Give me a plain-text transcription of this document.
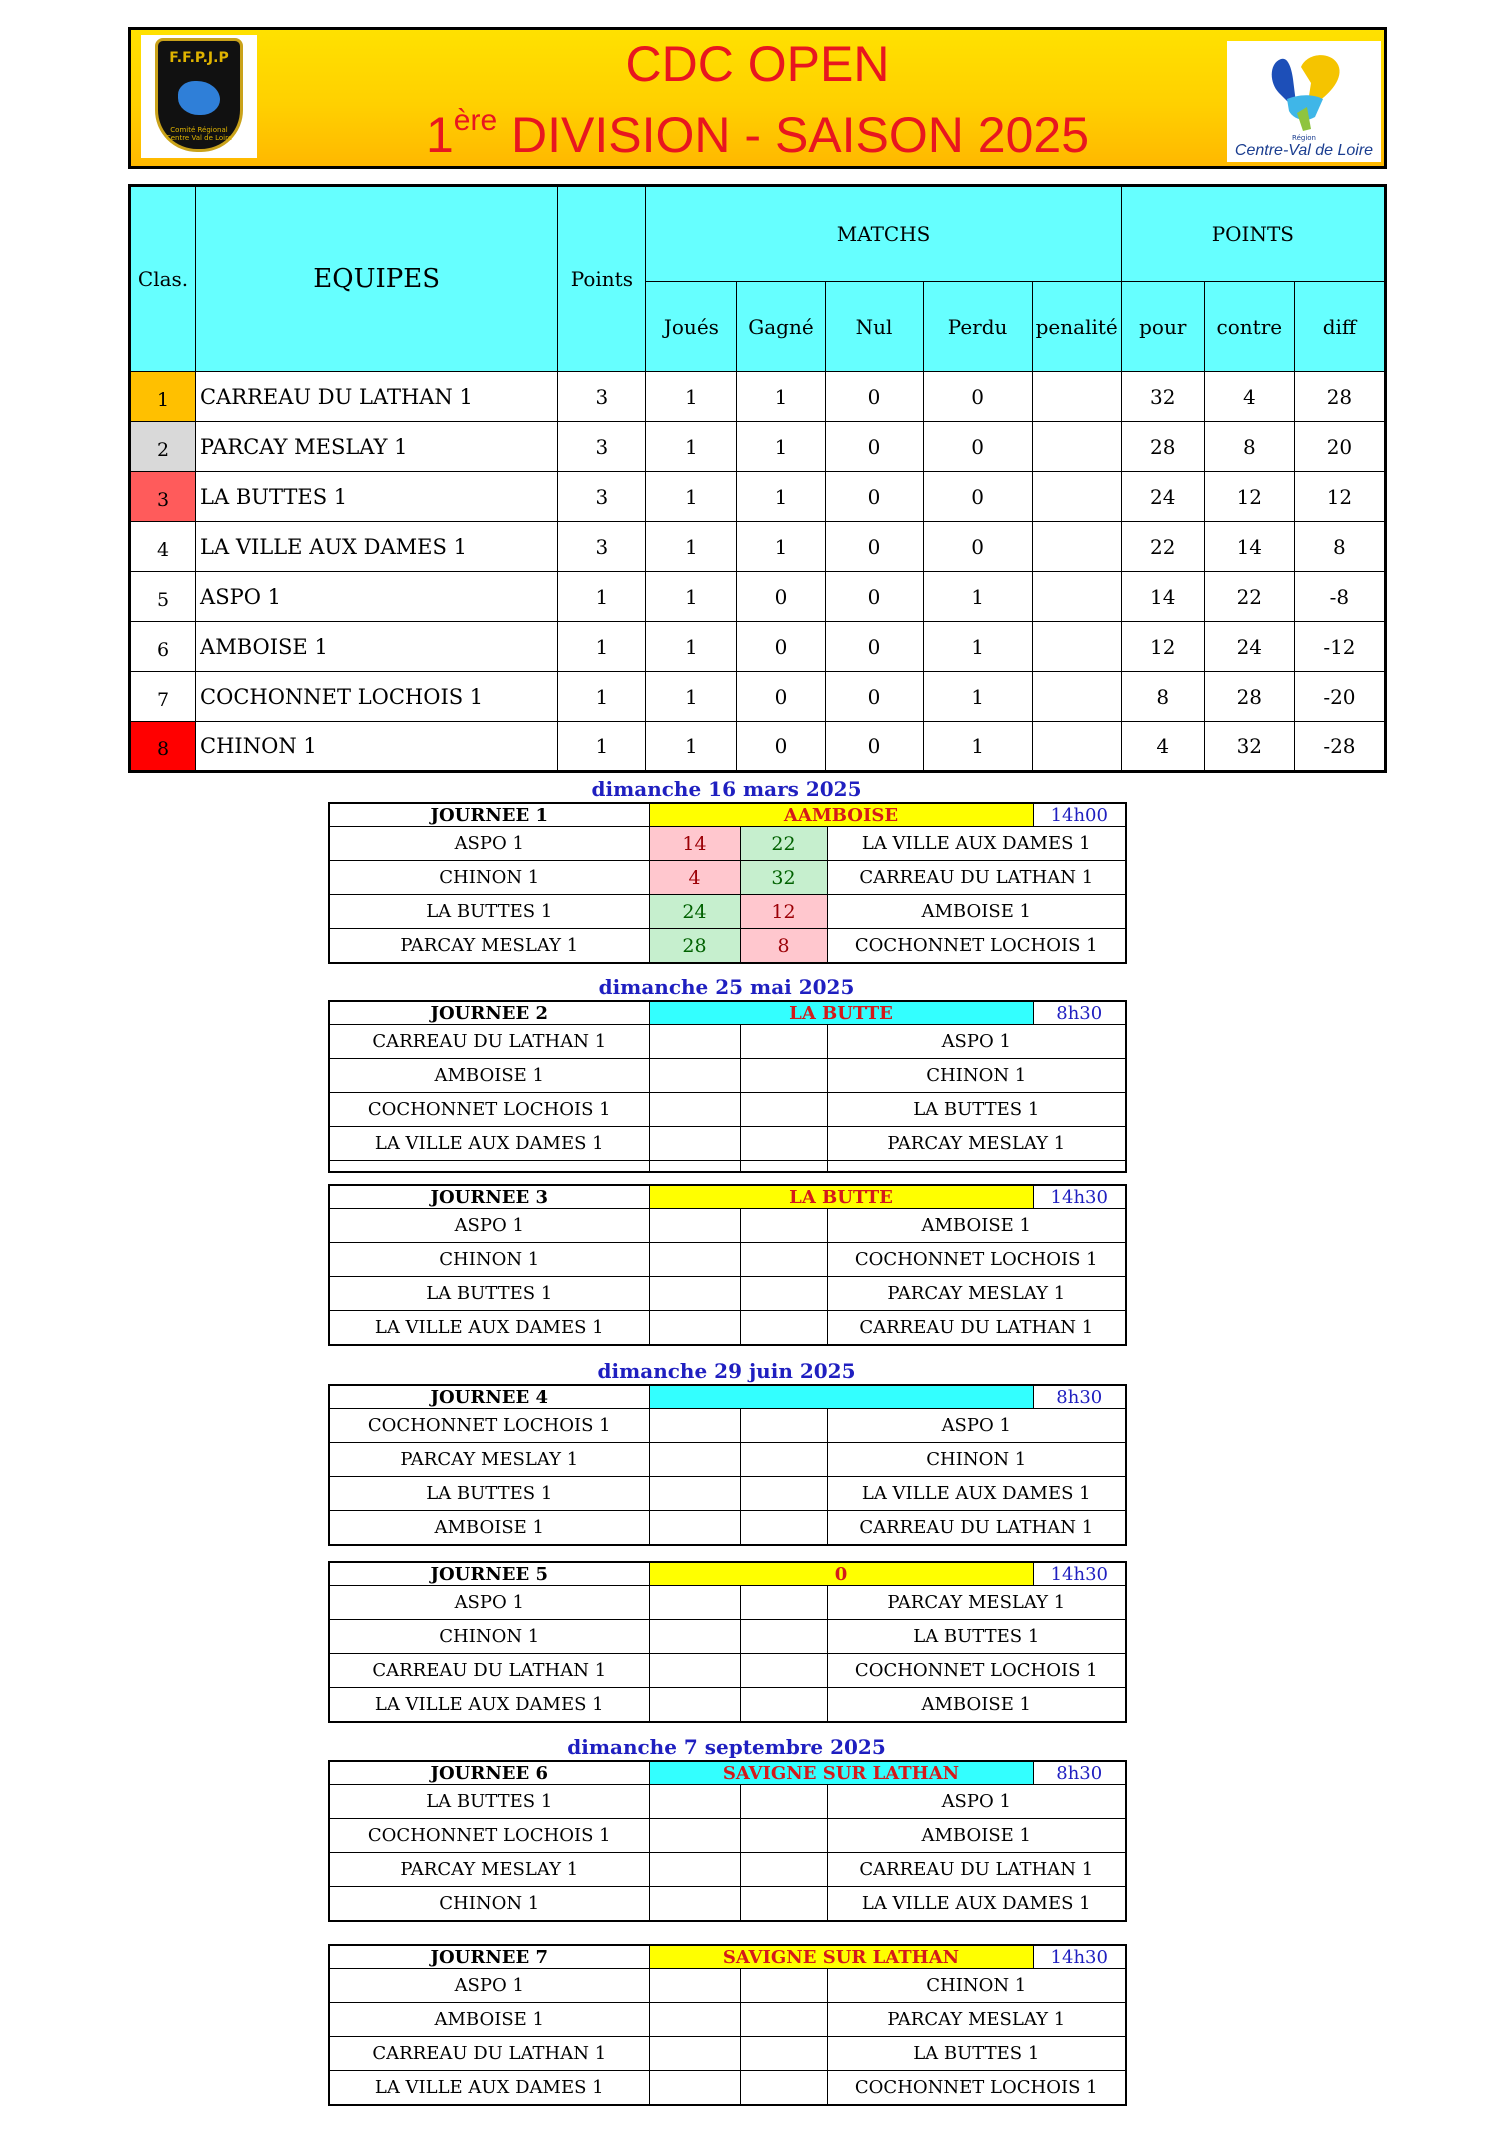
F.F.P.J.P
Comité Régional Centre Val de Loire
CDC OPEN
1ère DIVISION - SAISON 2025	Région
Centre-Val de Loire
Clas.	EQUIPES	Points	MATCHS					POINTS		
			Joués	Gagné	Nul	Perdu	penalité	pour	contre	diff
1	CARREAU DU LATHAN 1	3	1	1	0	0		32	4	28
2	PARCAY MESLAY 1	3	1	1	0	0		28	8	20
3	LA BUTTES 1	3	1	1	0	0		24	12	12
4	LA VILLE AUX DAMES 1	3	1	1	0	0		22	14	8
5	ASPO 1	1	1	0	0	1		14	22	-8
6	AMBOISE 1	1	1	0	0	1		12	24	-12
7	COCHONNET LOCHOIS 1	1	1	0	0	1		8	28	-20
8	CHINON 1	1	1	0	0	1		4	32	-28
dimanche 16 mars 2025
JOURNEE 1	AAMBOISE			14h00
ASPO 1	14	22	LA VILLE AUX DAMES 1	
CHINON 1	4	32	CARREAU DU LATHAN 1	
LA BUTTES 1	24	12	AMBOISE 1	
PARCAY MESLAY 1	28	8	COCHONNET LOCHOIS 1	
dimanche 25 mai 2025
JOURNEE 2	LA BUTTE			8h30
CARREAU DU LATHAN 1			ASPO 1	
AMBOISE 1			CHINON 1	
COCHONNET LOCHOIS 1			LA BUTTES 1	
LA VILLE AUX DAMES 1			PARCAY MESLAY 1	

JOURNEE 3	LA BUTTE			14h30
ASPO 1			AMBOISE 1	
CHINON 1			COCHONNET LOCHOIS 1	
LA BUTTES 1			PARCAY MESLAY 1	
LA VILLE AUX DAMES 1			CARREAU DU LATHAN 1	
dimanche 29 juin 2025
JOURNEE 4				8h30
COCHONNET LOCHOIS 1			ASPO 1	
PARCAY MESLAY 1			CHINON 1	
LA BUTTES 1			LA VILLE AUX DAMES 1	
AMBOISE 1			CARREAU DU LATHAN 1	
JOURNEE 5	0			14h30
ASPO 1			PARCAY MESLAY 1	
CHINON 1			LA BUTTES 1	
CARREAU DU LATHAN 1			COCHONNET LOCHOIS 1	
LA VILLE AUX DAMES 1			AMBOISE 1	
dimanche 7 septembre 2025
JOURNEE 6	SAVIGNE SUR LATHAN			8h30
LA BUTTES 1			ASPO 1	
COCHONNET LOCHOIS 1			AMBOISE 1	
PARCAY MESLAY 1			CARREAU DU LATHAN 1	
CHINON 1			LA VILLE AUX DAMES 1	
JOURNEE 7	SAVIGNE SUR LATHAN			14h30
ASPO 1			CHINON 1	
AMBOISE 1			PARCAY MESLAY 1	
CARREAU DU LATHAN 1			LA BUTTES 1	
LA VILLE AUX DAMES 1			COCHONNET LOCHOIS 1	
